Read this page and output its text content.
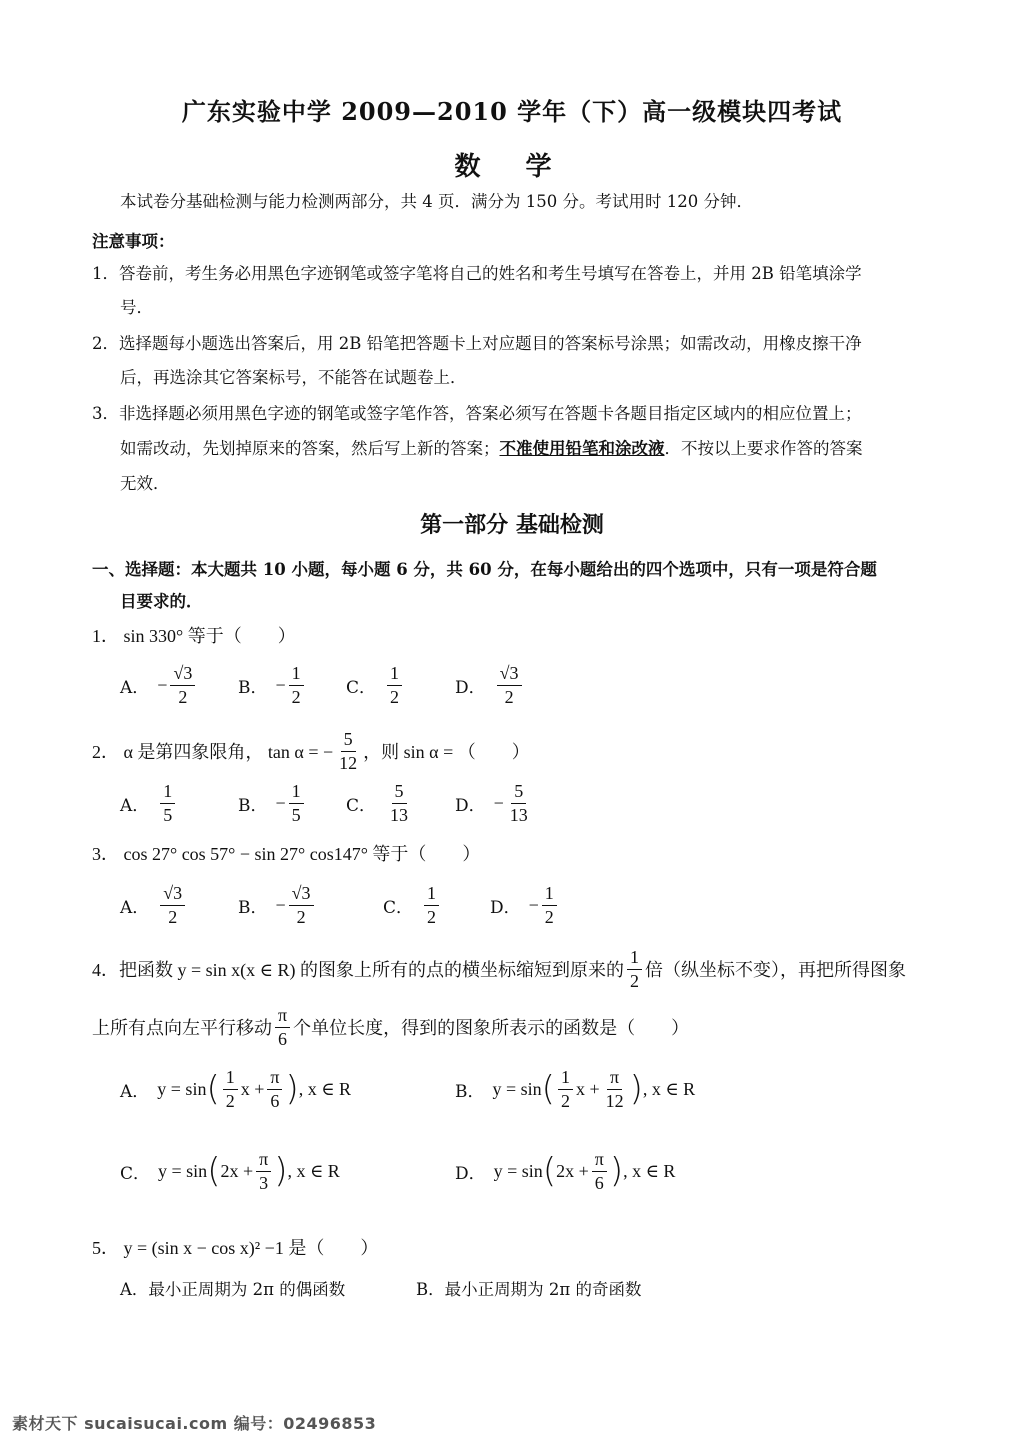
广东实验中学 2009—2010 学年（下）高一级模块四考试
数 学
本试卷分基础检测与能力检测两部分，共 4 页．满分为 150 分。考试用时 120 分钟．
注意事项：
1．答卷前，考生务必用黑色字迹钢笔或签字笔将自己的姓名和考生号填写在答卷上，并用 2B 铅笔填涂学
号．
2．选择题每小题选出答案后，用 2B 铅笔把答题卡上对应题目的答案标号涂黑；如需改动，用橡皮擦干净
后，再选涂其它答案标号，不能答在试题卷上．
3．非选择题必须用黑色字迹的钢笔或签字笔作答，答案必须写在答题卡各题目指定区域内的相应位置上；
如需改动，先划掉原来的答案，然后写上新的答案；不准使用铅笔和涂改液．不按以上要求作答的答案
无效．
第一部分 基础检测
一、选择题：本大题共 10 小题，每小题 6 分，共 60 分，在每小题给出的四个选项中，只有一项是符合题
目要求的．
1． sin 330° 等于（　　）
A． − $\frac{√3}{2}$	B． − $\frac{1}{2}$ C． $\frac{1}{2}$	D． $\frac{√3}{2}$
2． α 是第四象限角， tan α = − $\frac{5}{12}$ ，则 sin α = （　　）
A． $\frac{1}{5}$	B． − $\frac{1}{5}$ C． $\frac{5}{13}$	D． − $\frac{5}{13}$
3． cos 27° cos 57° − sin 27° cos147° 等于（　　）
A． $\frac{√3}{2}$	B． − $\frac{√3}{2}$	C． $\frac{1}{2}$	D． − $\frac{1}{2}$
4．把函数 y = sin x(x ∈ R) 的图象上所有的点的横坐标缩短到原来的 $\frac{1}{2}$ 倍（纵坐标不变），再把所得图象
上所有点向左平行移动 $\frac{\pi}{6}$ 个单位长度，得到的图象所表示的函数是（　　）
A． y = sin ( $\frac{1}{2}$ $x + \frac{\pi}{6}$ ) , x ∈ R	B． y = sin ( $\frac{1}{2}$ $x + \frac{\pi}{12}$ ) , x ∈ R
C． y = sin ( $2x + \frac{\pi}{3}$ ) , x ∈ R	D． y = sin ( $2x + \frac{\pi}{6}$ ) , x ∈ R
5． y = (sin x − cos x)² −1 是（　　）
A．最小正周期为 2π 的偶函数	B．最小正周期为 2π 的奇函数
素材天下 sucaisucai.com 编号：02496853
